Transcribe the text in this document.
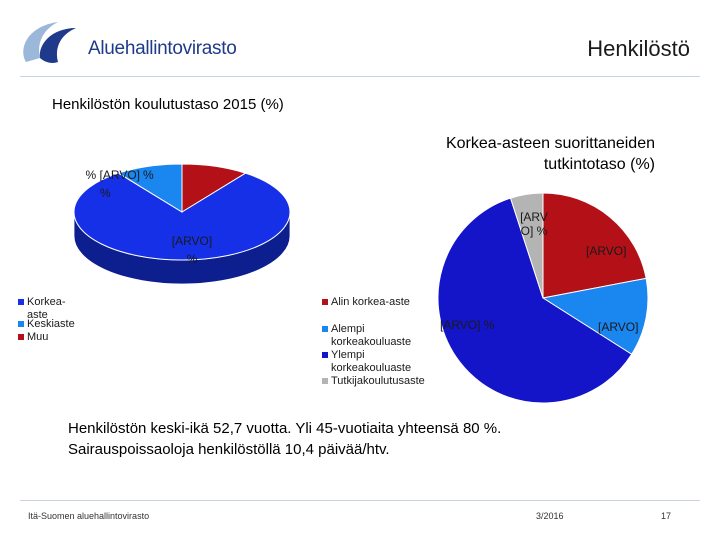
Aluehallintovirasto	Henkilöstö
Henkilöstön koulutustaso 2015 (%)
[ARVO] % %
%
[ARVO]
%
Korkea-aste
Keskiaste
Muu
Korkea-asteen suorittaneiden tutkintotaso (%)
[ARV
O] %
[ARVO]
[ARVO]
[ARVO] %
Alin korkea-aste
Alempi korkeakouluaste
Ylempi korkeakouluaste
Tutkijakoulutusaste
Henkilöstön keski-ikä 52,7 vuotta. Yli 45-vuotiaita yhteensä 80 %.
Sairauspoissaoloja henkilöstöllä 10,4 päivää/htv.
Itä-Suomen aluehallintovirasto	3/2016	17
